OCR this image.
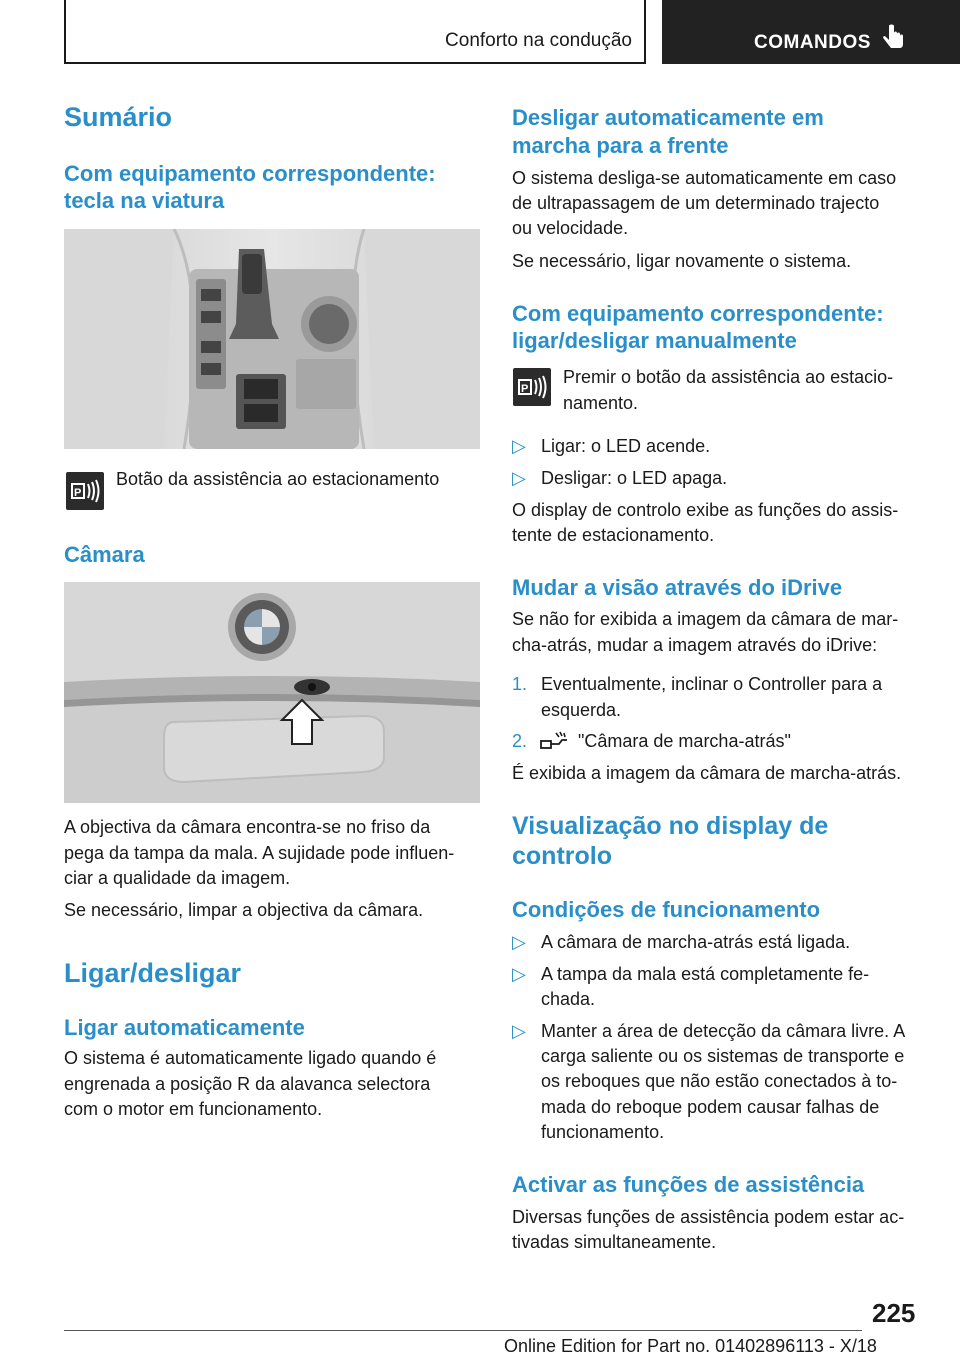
Conforto na condução	COMANDOS
Sumário
Com equipamento correspondente:
tecla na viatura
P
Botão da assistência ao estacionamento
Câmara
A objectiva da câmara encontra-se no friso da
pega da tampa da mala. A sujidade pode influen-
ciar a qualidade da imagem.
Se necessário, limpar a objectiva da câmara.
Ligar/desligar
Ligar automaticamente
O sistema é automaticamente ligado quando é
engrenada a posição R da alavanca selectora
com o motor em funcionamento.
Desligar automaticamente em
marcha para a frente
O sistema desliga-se automaticamente em caso
de ultrapassagem de um determinado trajecto
ou velocidade.
Se necessário, ligar novamente o sistema.
Com equipamento correspondente:
ligar/desligar manualmente
P
Premir o botão da assistência ao estacio-
namento.
▷ Ligar: o LED acende.
▷ Desligar: o LED apaga.
O display de controlo exibe as funções do assis-
tente de estacionamento.
Mudar a visão através do iDrive
Se não for exibida a imagem da câmara de mar-
cha-atrás, mudar a imagem através do iDrive:
1. Eventualmente, inclinar o Controller para a
esquerda.
2.	"Câmara de marcha-atrás"
É exibida a imagem da câmara de marcha-atrás.
Visualização no display de
controlo
Condições de funcionamento
▷ A câmara de marcha-atrás está ligada.
▷ A tampa da mala está completamente fe-
chada.
▷ Manter a área de detecção da câmara livre. A
carga saliente ou os sistemas de transporte e
os reboques que não estão conectados à to-
mada do reboque podem causar falhas de
funcionamento.
Activar as funções de assistência
Diversas funções de assistência podem estar ac-
tivadas simultaneamente.
225
Online Edition for Part no. 01402896113 - X/18
